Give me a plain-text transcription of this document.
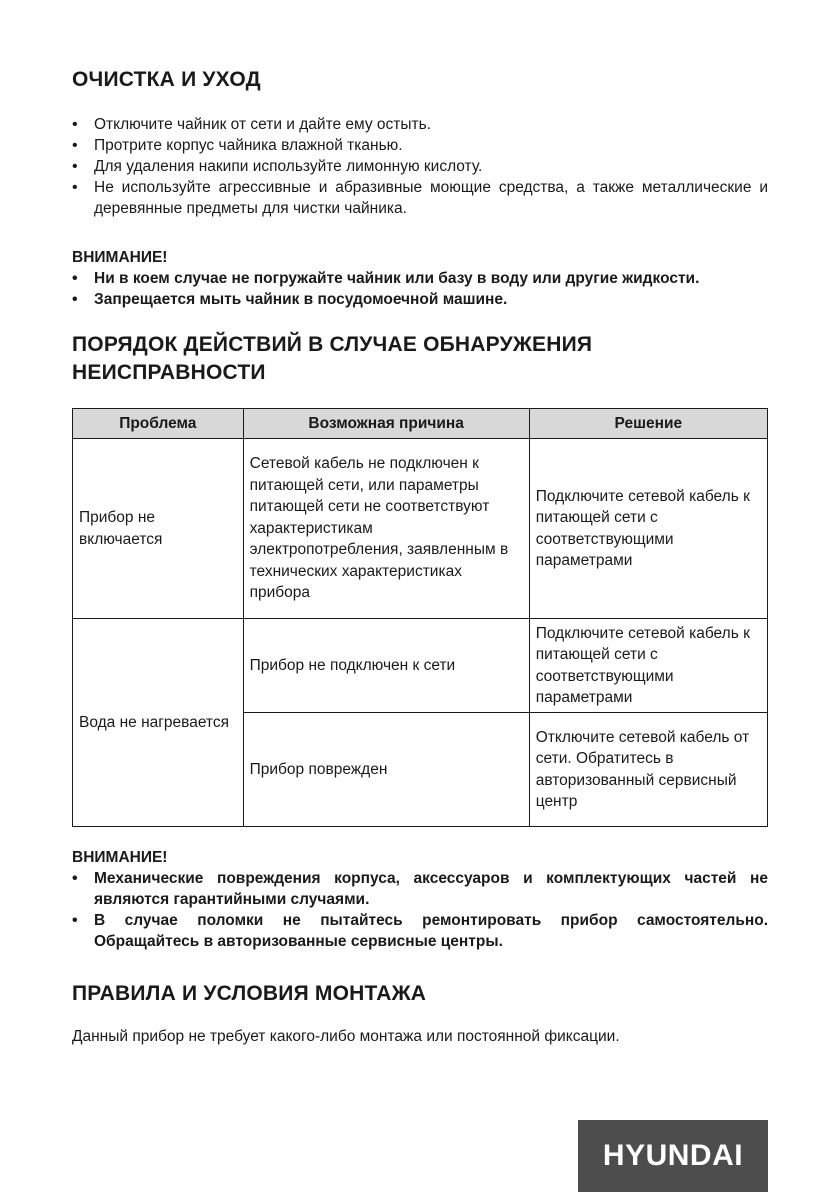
ОЧИСТКА И УХОД
• Отключите чайник от сети и дайте ему остыть.
• Протрите корпус чайника влажной тканью.
• Для удаления накипи используйте лимонную кислоту.
• Не используйте агрессивные и абразивные моющие средства, а также металлические и деревянные предметы для чистки чайника.

ВНИМАНИЕ!

• Ни в коем случае не погружайте чайник или базу в воду или другие жидкости.
• Запрещается мыть чайник в посудомоечной машине.
ПОРЯДОК ДЕЙСТВИЙ В СЛУЧАЕ ОБНАРУЖЕНИЯ НЕИСПРАВНОСТИ
Проблема	Возможная причина	Решение
Прибор не включается	Сетевой кабель не подключен к питающей сети, или параметры питающей сети не соответствуют характеристикам электропотребления, заявленным в технических характеристиках прибора	Подключите сетевой кабель к питающей сети с соответствующими параметрами
Вода не нагревается	Прибор не подключен к сети	Подключите сетевой кабель к питающей сети с соответствующими параметрами
	Прибор поврежден	Отключите сетевой кабель от сети. Обратитесь в авторизованный сервисный центр

ВНИМАНИЕ!

• Механические повреждения корпуса, аксессуаров и комплектующих частей не являются гарантийными случаями.
• В случае поломки не пытайтесь ремонтировать прибор самостоятельно. Обращайтесь в авторизованные сервисные центры.
ПРАВИЛА И УСЛОВИЯ МОНТАЖА

Данный прибор не требует какого-либо монтажа или постоянной фиксации.

HYUNDAI
